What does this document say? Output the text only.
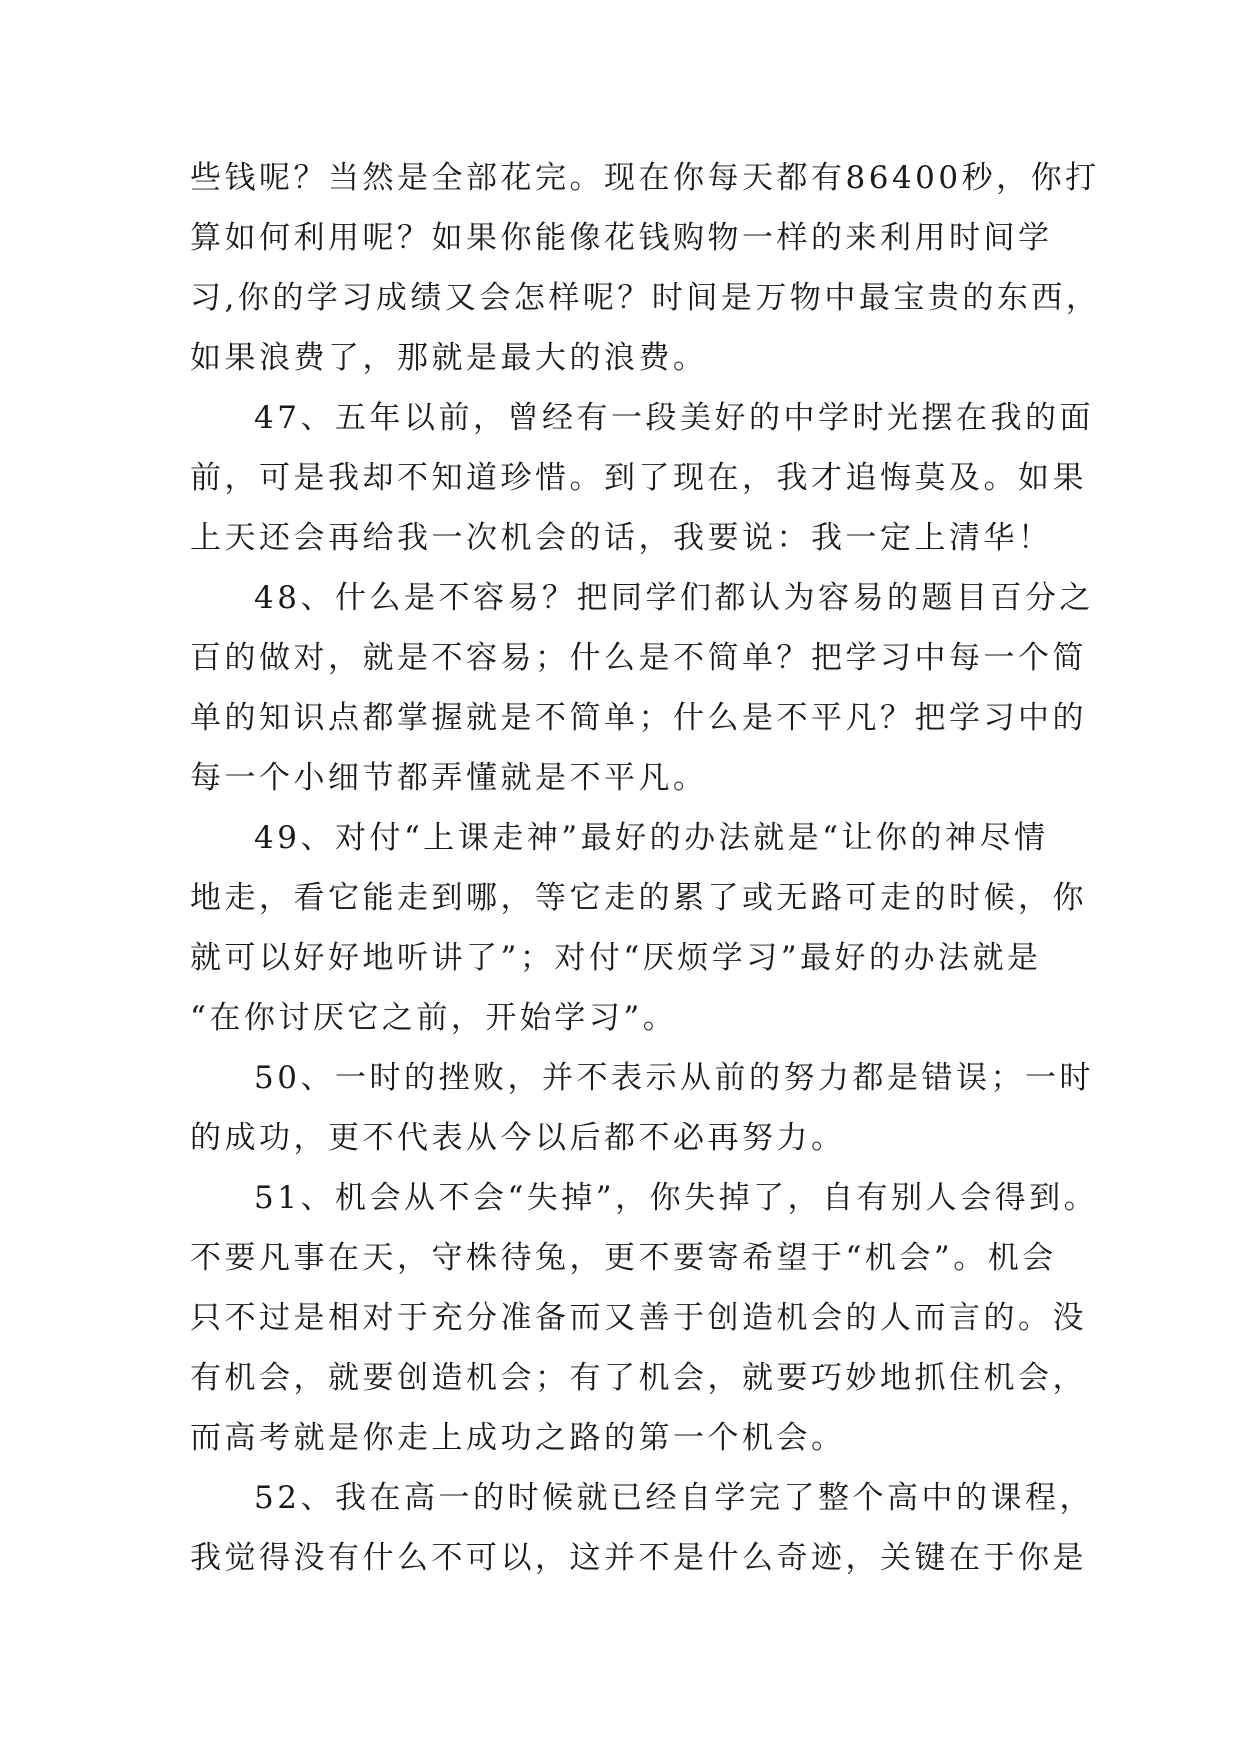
些钱呢？当然是全部花完。现在你每天都有86400秒，你打
算如何利用呢？如果你能像花钱购物一样的来利用时间学
习,你的学习成绩又会怎样呢？时间是万物中最宝贵的东西，
如果浪费了，那就是最大的浪费。
47、五年以前，曾经有一段美好的中学时光摆在我的面
前，可是我却不知道珍惜。到了现在，我才追悔莫及。如果
上天还会再给我一次机会的话，我要说：我一定上清华！
48、什么是不容易？把同学们都认为容易的题目百分之
百的做对，就是不容易；什么是不简单？把学习中每一个简
单的知识点都掌握就是不简单；什么是不平凡？把学习中的
每一个小细节都弄懂就是不平凡。
49、对付“上课走神”最好的办法就是“让你的神尽情
地走，看它能走到哪，等它走的累了或无路可走的时候，你
就可以好好地听讲了”；对付“厌烦学习”最好的办法就是
“在你讨厌它之前，开始学习”。
50、一时的挫败，并不表示从前的努力都是错误；一时
的成功，更不代表从今以后都不必再努力。
51、机会从不会“失掉”，你失掉了，自有别人会得到。
不要凡事在天，守株待兔，更不要寄希望于“机会”。机会
只不过是相对于充分准备而又善于创造机会的人而言的。没
有机会，就要创造机会；有了机会，就要巧妙地抓住机会，
而高考就是你走上成功之路的第一个机会。
52、我在高一的时候就已经自学完了整个高中的课程，
我觉得没有什么不可以，这并不是什么奇迹，关键在于你是
